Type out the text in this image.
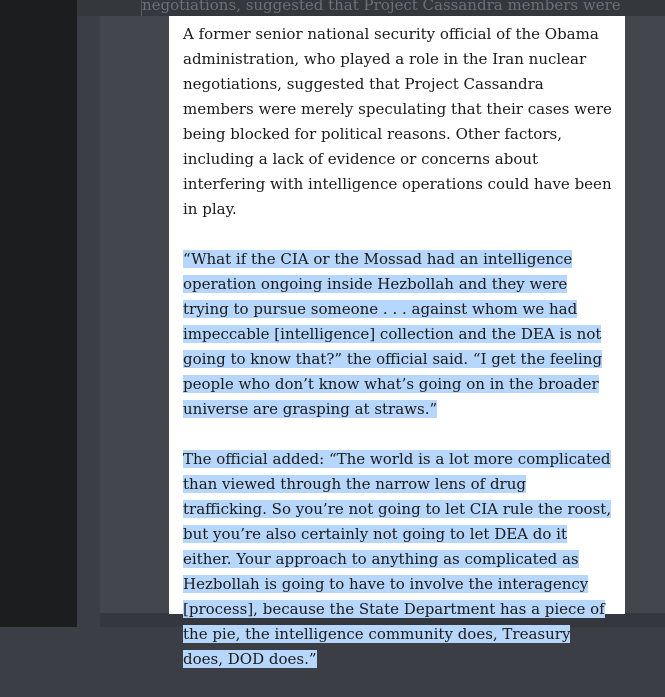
negotiations, suggested that Project Cassandra members were

A former senior national security official of the Obama administration, who played a role in the Iran nuclear negotiations, suggested that Project Cassandra members were merely speculating that their cases were being blocked for political reasons. Other factors, including a lack of evidence or concerns about interfering with intelligence operations could have been in play.

“What if the CIA or the Mossad had an intelligence operation ongoing inside Hezbollah and they were trying to pursue someone . . . against whom we had impeccable [intelligence] collection and the DEA is not going to know that?” the official said. “I get the feeling people who don’t know what’s going on in the broader universe are grasping at straws.”

The official added: “The world is a lot more complicated than viewed through the narrow lens of drug trafficking. So you’re not going to let CIA rule the roost, but you’re also certainly not going to let DEA do it either. Your approach to anything as complicated as Hezbollah is going to have to involve the interagency [process], because the State Department has a piece of the pie, the intelligence community does, Treasury does, DOD does.”
